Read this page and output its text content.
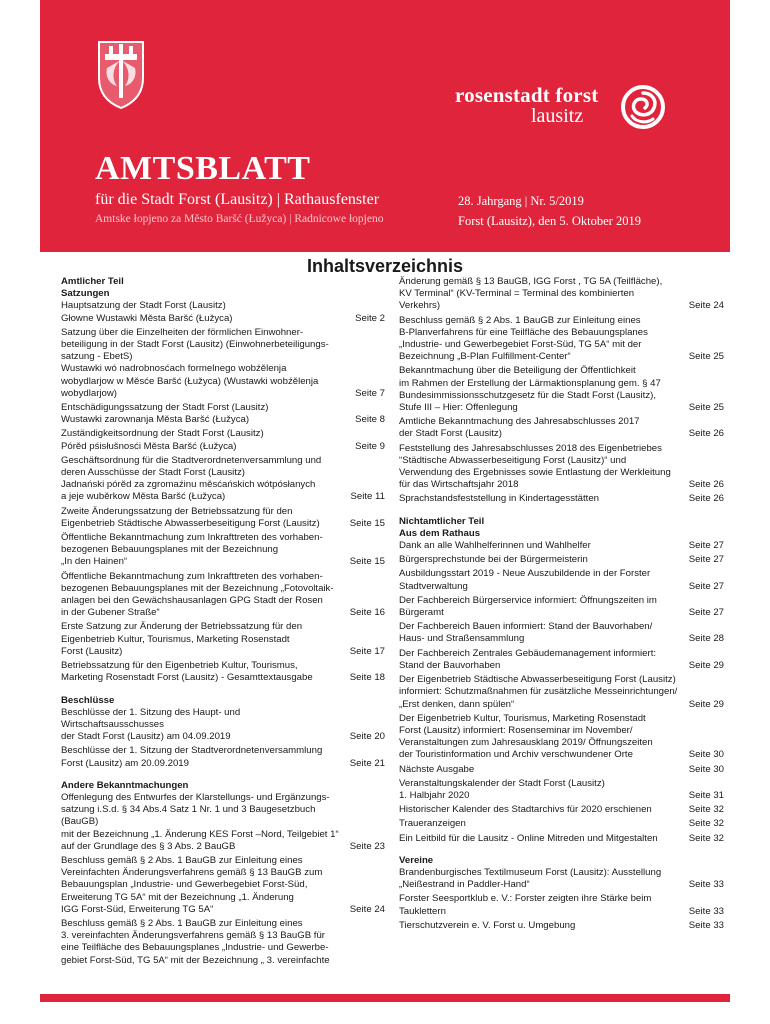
rosenstadt forst
lausitz
AMTSBLATT
für die Stadt Forst (Lausitz) | Rathausfenster
Amtske łopjeno za Město Baršć (Łužyca) | Radnicowe łopjeno
28. Jahrgang | Nr. 5/2019
Forst (Lausitz), den 5. Oktober 2019
Inhaltsverzeichnis
Amtlicher Teil
Satzungen
Hauptsatzung der Stadt Forst (Lausitz)
Głowne Wustawki Města Baršć (Łužyca)	Seite 2
Satzung über die Einzelheiten der förmlichen Einwohner-
beteiligung in der Stadt Forst (Lausitz) (Einwohnerbeteiligungs-
satzung - EbetS)
Wustawki wó nadrobnosćach formelnego wobźělenja
wobydlarjow w Měsće Baršć (Łužyca) (Wustawki wobźělenja
wobydlarjow)	Seite 7
Entschädigungssatzung der Stadt Forst (Lausitz)
Wustawki zarownanja Města Baršć (Łužyca)	Seite 8
Zuständigkeitsordnung der Stadt Forst (Lausitz)
Pórěd pśisłušnosći Města Baršć (Łužyca)	Seite 9
Geschäftsordnung für die Stadtverordnetenversammlung und
deren Ausschüsse der Stadt Forst (Lausitz)
Jadnański pórěd za zgromaźinu měsćańskich wótpósłanych
a jeje wuběrkow Města Baršć (Łužyca)	Seite 11
Zweite Änderungssatzung der Betriebssatzung für den
Eigenbetrieb Städtische Abwasserbeseitigung Forst (Lausitz)	Seite 15
Öffentliche Bekanntmachung zum Inkrafttreten des vorhaben-
bezogenen Bebauungsplanes mit der Bezeichnung
„In den Hainen“	Seite 15
Öffentliche Bekanntmachung zum Inkrafttreten des vorhaben-
bezogenen Bebauungsplanes mit der Bezeichnung „Fotovoltaik-
anlagen bei den Gewächshausanlagen GPG Stadt der Rosen
in der Gubener Straße“	Seite 16
Erste Satzung zur Änderung der Betriebssatzung für den
Eigenbetrieb Kultur, Tourismus, Marketing Rosenstadt
Forst (Lausitz)	Seite 17
Betriebssatzung für den Eigenbetrieb Kultur, Tourismus,
Marketing Rosenstadt Forst (Lausitz) - Gesamttextausgabe	Seite 18
Beschlüsse
Beschlüsse der 1. Sitzung des Haupt- und Wirtschaftsausschusses
der Stadt Forst (Lausitz) am 04.09.2019	Seite 20
Beschlüsse der 1. Sitzung der Stadtverordnetenversammlung
Forst (Lausitz) am 20.09.2019	Seite 21
Andere Bekanntmachungen
Offenlegung des Entwurfes der Klarstellungs- und Ergänzungs-
satzung i.S.d. § 34 Abs.4 Satz 1 Nr. 1 und 3 Baugesetzbuch (BauGB)
mit der Bezeichnung „1. Änderung KES Forst –Nord, Teilgebiet 1“
auf der Grundlage des § 3 Abs. 2 BauGB	Seite 23
Beschluss gemäß § 2 Abs. 1 BauGB zur Einleitung eines
Vereinfachten Änderungsverfahrens gemäß § 13 BauGB zum
Bebauungsplan „Industrie- und Gewerbegebiet Forst-Süd,
Erweiterung TG 5A“ mit der Bezeichnung „1. Änderung
IGG Forst-Süd, Erweiterung TG 5A“	Seite 24
Beschluss gemäß § 2 Abs. 1 BauGB zur Einleitung eines
3. vereinfachten Änderungsverfahrens gemäß § 13 BauGB für
eine Teilfläche des Bebauungsplanes „Industrie- und Gewerbe-
gebiet Forst-Süd, TG 5A“ mit der Bezeichnung „ 3. vereinfachte
Änderung gemäß § 13 BauGB, IGG Forst , TG 5A (Teilfläche),
KV Terminal“ (KV-Terminal = Terminal des kombinierten
Verkehrs)	Seite 24
Beschluss gemäß § 2 Abs. 1 BauGB zur Einleitung eines
B-Planverfahrens für eine Teilfläche des Bebauungsplanes
„Industrie- und Gewerbegebiet Forst-Süd, TG 5A“ mit der
Bezeichnung „B-Plan Fulfillment-Center“	Seite 25
Bekanntmachung über die Beteiligung der Öffentlichkeit
im Rahmen der Erstellung der Lärmaktionsplanung gem. § 47
Bundesimmissionsschutzgesetz für die Stadt Forst (Lausitz),
Stufe III – Hier: Offenlegung	Seite 25
Amtliche Bekanntmachung des Jahresabschlusses 2017
der Stadt Forst (Lausitz)	Seite 26
Feststellung des Jahresabschlusses 2018 des Eigenbetriebes
“Städtische Abwasserbeseitigung Forst (Lausitz)“ und
Verwendung des Ergebnisses sowie Entlastung der Werkleitung
für das Wirtschaftsjahr 2018	Seite 26
Sprachstandsfeststellung in Kindertagesstätten	Seite 26
Nichtamtlicher Teil
Aus dem Rathaus
Dank an alle Wahlhelferinnen und Wahlhelfer	Seite 27
Bürgersprechstunde bei der Bürgermeisterin	Seite 27
Ausbildungsstart 2019 - Neue Auszubildende in der Forster
Stadtverwaltung	Seite 27
Der Fachbereich Bürgerservice informiert: Öffnungszeiten im
Bürgeramt	Seite 27
Der Fachbereich Bauen informiert: Stand der Bauvorhaben/
Haus- und Straßensammlung	Seite 28
Der Fachbereich Zentrales Gebäudemanagement informiert:
Stand der Bauvorhaben	Seite 29
Der Eigenbetrieb Städtische Abwasserbeseitigung Forst (Lausitz)
informiert: Schutzmaßnahmen für zusätzliche Messeinrichtungen/
„Erst denken, dann spülen“	Seite 29
Der Eigenbetrieb Kultur, Tourismus, Marketing Rosenstadt
Forst (Lausitz) informiert: Rosenseminar im November/
Veranstaltungen zum Jahresausklang 2019/ Öffnungszeiten
der Touristinformation und Archiv verschwundener Orte	Seite 30
Nächste Ausgabe	Seite 30
Veranstaltungskalender der Stadt Forst (Lausitz)
1. Halbjahr 2020	Seite 31
Historischer Kalender des Stadtarchivs für 2020 erschienen	Seite 32
Traueranzeigen	Seite 32
Ein Leitbild für die Lausitz - Online Mitreden und Mitgestalten	Seite 32
Vereine
Brandenburgisches Textilmuseum Forst (Lausitz): Ausstellung
„Neißestrand in Paddler-Hand“	Seite 33
Forster Seesportklub e. V.: Forster zeigten ihre Stärke beim
Tauklettern	Seite 33
Tierschutzverein e. V. Forst u. Umgebung	Seite 33
